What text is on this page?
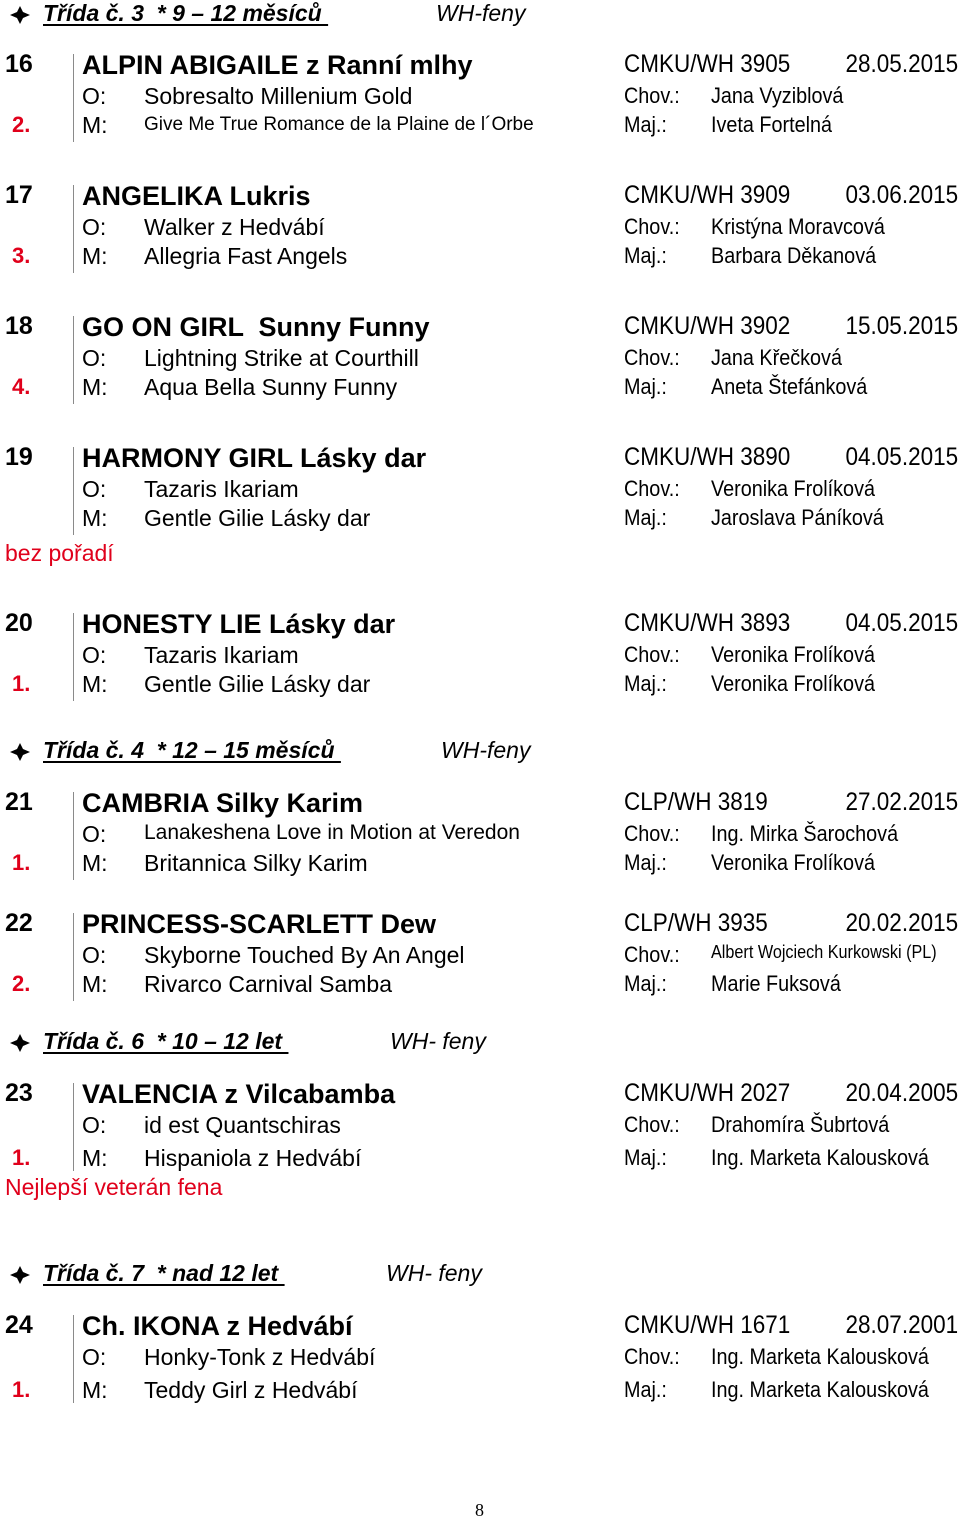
Třída č. 3  * 9 – 12 měsíců	WH-feny
16 ALPIN ABIGAILE z Ranní mlhy	CMKU/WH 3905 28.05.2015
O: Sobresalto Millenium Gold	Chov.: Jana Vyziblová
2. M: Give Me True Romance de la Plaine de l´Orbe	Maj.: Iveta Fortelná
17 ANGELIKA Lukris	CMKU/WH 3909 03.06.2015
O: Walker z Hedvábí	Chov.: Kristýna Moravcová
3. M: Allegria Fast Angels	Maj.: Barbara Děkanová
18 GO ON GIRL  Sunny Funny	CMKU/WH 3902 15.05.2015
O: Lightning Strike at Courthill	Chov.: Jana Křečková
4. M: Aqua Bella Sunny Funny	Maj.: Aneta Štefánková
19 HARMONY GIRL Lásky dar	CMKU/WH 3890 04.05.2015
O: Tazaris Ikariam	Chov.: Veronika Frolíková
M: Gentle Gilie Lásky dar	Maj.: Jaroslava Páníková
bez pořadí
20 HONESTY LIE Lásky dar	CMKU/WH 3893 04.05.2015
O: Tazaris Ikariam	Chov.: Veronika Frolíková
1. M: Gentle Gilie Lásky dar	Maj.: Veronika Frolíková
Třída č. 4  * 12 – 15 měsíců	WH-feny
21 CAMBRIA Silky Karim	CLP/WH 3819	27.02.2015
O: Lanakeshena Love in Motion at Veredon	Chov.: Ing. Mirka Šarochová
1. M: Britannica Silky Karim	Maj.: Veronika Frolíková
22 PRINCESS-SCARLETT Dew	CLP/WH 3935	20.02.2015
O: Skyborne Touched By An Angel	Chov.: Albert Wojciech Kurkowski (PL)
2. M: Rivarco Carnival Samba	Maj.: Marie Fuksová
Třída č. 6  * 10 – 12 let	WH- feny
23 VALENCIA z Vilcabamba	CMKU/WH 2027 20.04.2005
O: id est Quantschiras	Chov.: Drahomíra Šubrtová
1. M: Hispaniola z Hedvábí	Maj.: Ing. Marketa Kalousková
Nejlepší veterán fena
Třída č. 7  * nad 12 let	WH- feny
24 Ch. IKONA z Hedvábí	CMKU/WH 1671 28.07.2001
O: Honky-Tonk z Hedvábí	Chov.: Ing. Marketa Kalousková
1. M: Teddy Girl z Hedvábí	Maj.: Ing. Marketa Kalousková
8
